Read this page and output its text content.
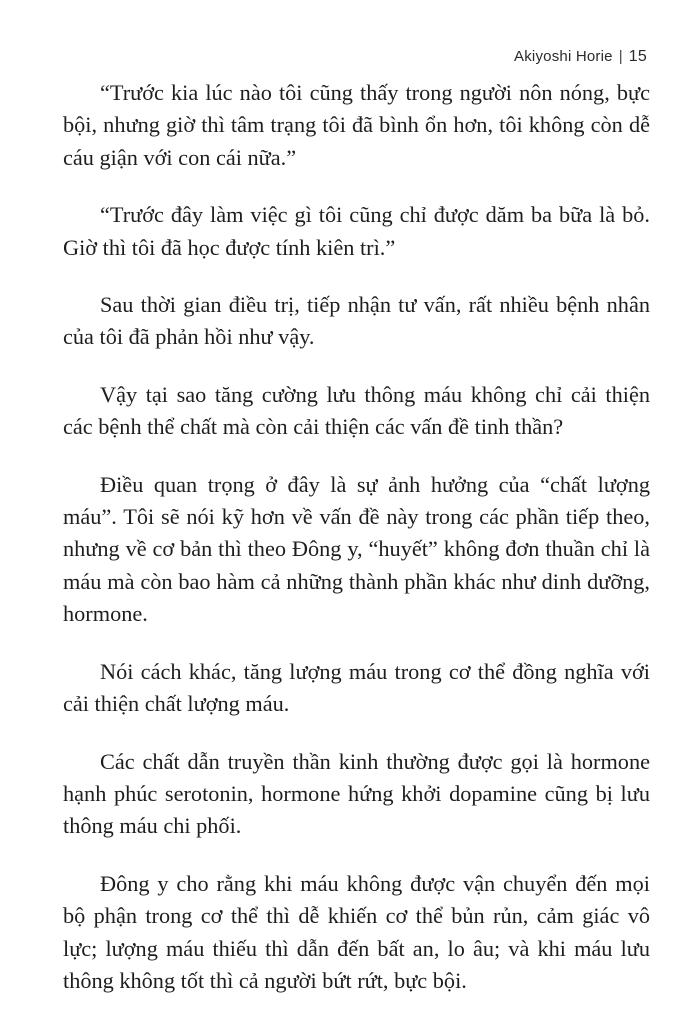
Akiyoshi Horie | 15

“Trước kia lúc nào tôi cũng thấy trong người nôn nóng, bực bội, nhưng giờ thì tâm trạng tôi đã bình ổn hơn, tôi không còn dễ cáu giận với con cái nữa.”

“Trước đây làm việc gì tôi cũng chỉ được dăm ba bữa là bỏ. Giờ thì tôi đã học được tính kiên trì.”

Sau thời gian điều trị, tiếp nhận tư vấn, rất nhiều bệnh nhân của tôi đã phản hồi như vậy.

Vậy tại sao tăng cường lưu thông máu không chỉ cải thiện các bệnh thể chất mà còn cải thiện các vấn đề tinh thần?

Điều quan trọng ở đây là sự ảnh hưởng của “chất lượng máu”. Tôi sẽ nói kỹ hơn về vấn đề này trong các phần tiếp theo, nhưng về cơ bản thì theo Đông y, “huyết” không đơn thuần chỉ là máu mà còn bao hàm cả những thành phần khác như dinh dưỡng, hormone.

Nói cách khác, tăng lượng máu trong cơ thể đồng nghĩa với cải thiện chất lượng máu.

Các chất dẫn truyền thần kinh thường được gọi là hormone hạnh phúc serotonin, hormone hứng khởi dopamine cũng bị lưu thông máu chi phối.

Đông y cho rằng khi máu không được vận chuyển đến mọi bộ phận trong cơ thể thì dễ khiến cơ thể bủn rủn, cảm giác vô lực; lượng máu thiếu thì dẫn đến bất an, lo âu; và khi máu lưu thông không tốt thì cả người bứt rứt, bực bội.
